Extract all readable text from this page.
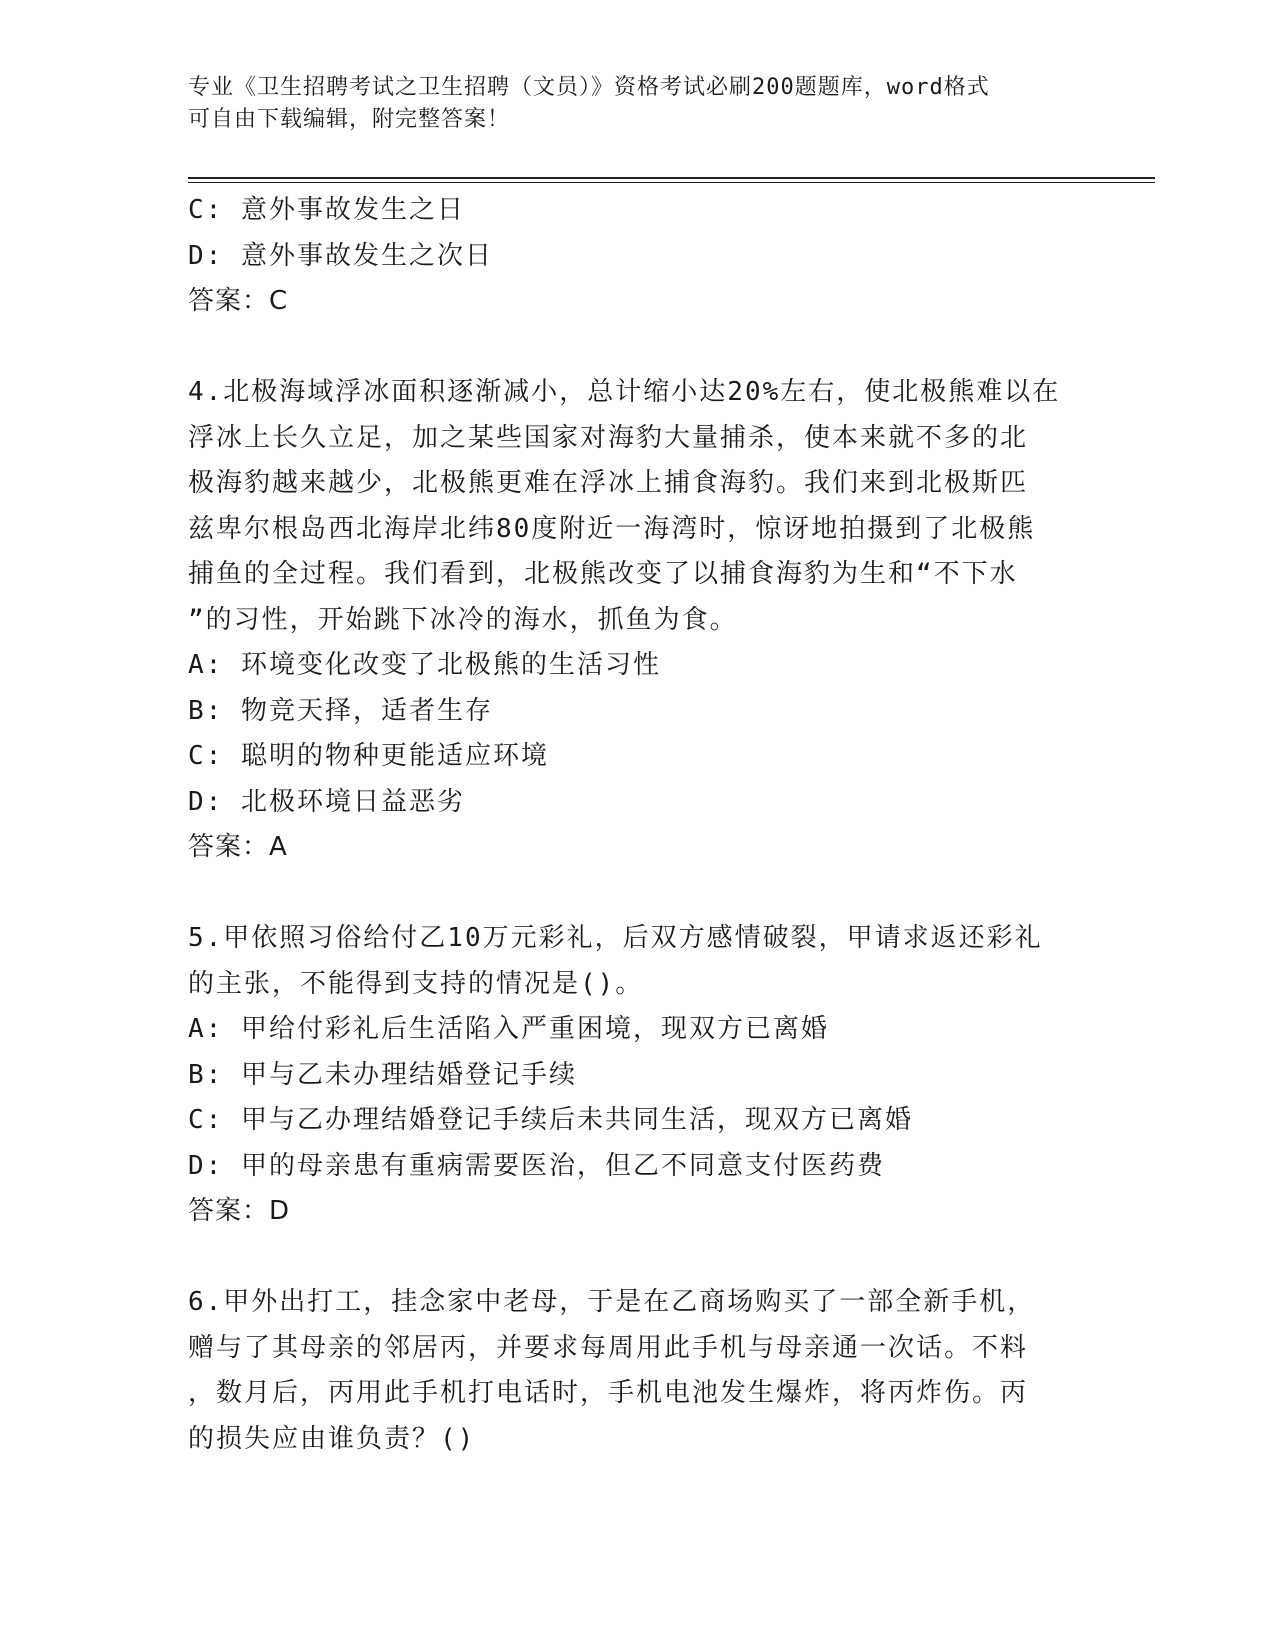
专业《卫生招聘考试之卫生招聘（文员）》资格考试必刷200题题库，word格式
可自由下载编辑，附完整答案！
C: 意外事故发生之日
D: 意外事故发生之次日
答案：C
4.北极海域浮冰面积逐渐减小，总计缩小达20%左右，使北极熊难以在
浮冰上长久立足，加之某些国家对海豹大量捕杀，使本来就不多的北
极海豹越来越少，北极熊更难在浮冰上捕食海豹。我们来到北极斯匹
兹卑尔根岛西北海岸北纬80度附近一海湾时，惊讶地拍摄到了北极熊
捕鱼的全过程。我们看到，北极熊改变了以捕食海豹为生和“不下水
”的习性，开始跳下冰冷的海水，抓鱼为食。
A: 环境变化改变了北极熊的生活习性
B: 物竞天择，适者生存
C: 聪明的物种更能适应环境
D: 北极环境日益恶劣
答案：A
5.甲依照习俗给付乙10万元彩礼，后双方感情破裂，甲请求返还彩礼
的主张，不能得到支持的情况是()。
A: 甲给付彩礼后生活陷入严重困境，现双方已离婚
B: 甲与乙未办理结婚登记手续
C: 甲与乙办理结婚登记手续后未共同生活，现双方已离婚
D: 甲的母亲患有重病需要医治，但乙不同意支付医药费
答案：D
6.甲外出打工，挂念家中老母，于是在乙商场购买了一部全新手机，
赠与了其母亲的邻居丙，并要求每周用此手机与母亲通一次话。不料
，数月后，丙用此手机打电话时，手机电池发生爆炸，将丙炸伤。丙
的损失应由谁负责？()
